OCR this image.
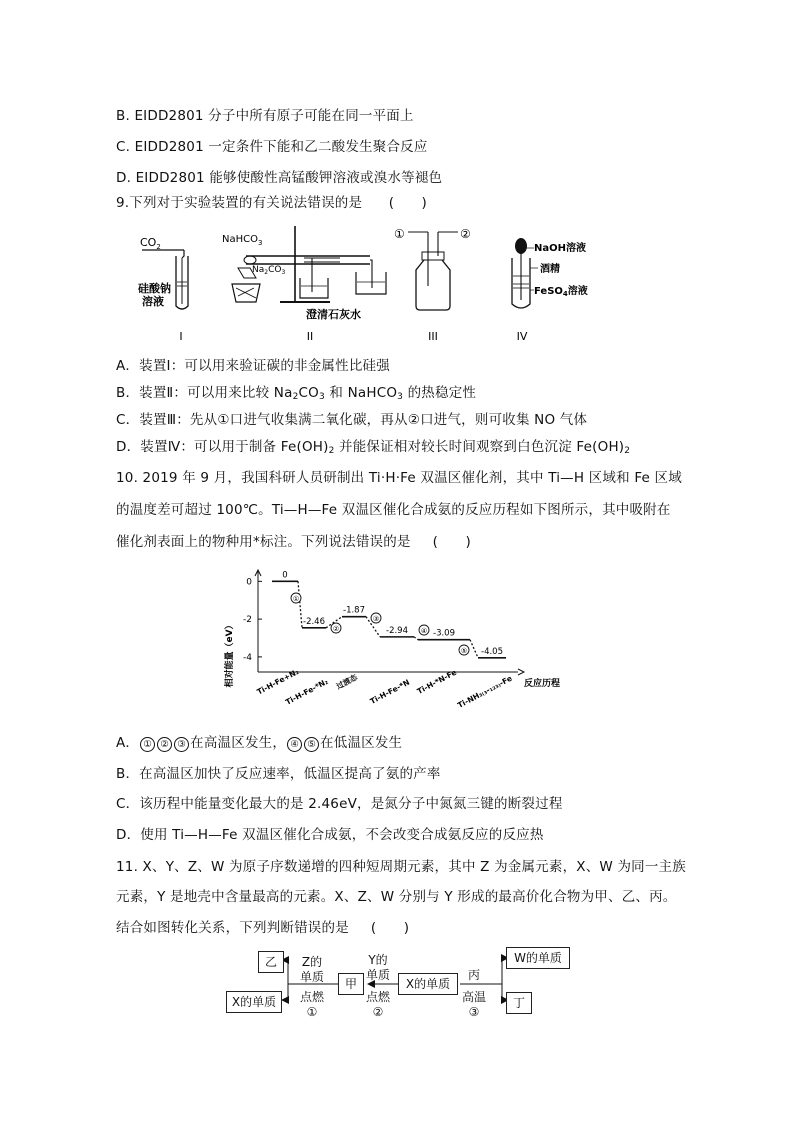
B. EIDD2801 分子中所有原子可能在同一平面上
C. EIDD2801 一定条件下能和乙二酸发生聚合反应
D. EIDD2801 能够使酸性高锰酸钾溶液或溴水等褪色
9.下列对于实验装置的有关说法错误的是 (　　)
$CO_2$
硅酸钠
溶液
I
NaHCO$_3$
$Na_2CO_3$
澄清石灰水
II
①	②
III
NaOH溶液
酒精
FeSO$_4$溶液
IV
A．装置Ⅰ：可以用来验证碳的非金属性比硅强
B．装置Ⅱ：可以用来比较 $Na_2CO_3$ 和 NaHCO$_3$ 的热稳定性
C．装置Ⅲ：先从①口进气收集满二氧化碳，再从②口进气，则可收集 NO 气体
D．装置Ⅳ：可以用于制备 $Fe(OH)_2$ 并能保证相对较长时间观察到白色沉淀 $Fe(OH)_2$
10. 2019 年 9 月，我国科研人员研制出 Ti·H·Fe 双温区催化剂，其中 Ti—H 区域和 Fe 区域
的温度差可超过 100℃。Ti—H—Fe 双温区催化合成氨的反应历程如下图所示，其中吸附在
催化剂表面上的物种用*标注。下列说法错误的是 (　　)
相对能量（eV）	反应历程
0
-2
-4
0
Ti-H-Fe+N₂
-2.46
Ti-H-Fe-*N₂
-1.87
过渡态
-2.94
Ti-H-Fe-*N
-3.09
Ti-H-*N-Fe
-4.05
Ti-NH₃₍₃-₁₂₃₎-Fe
①
②
③
④
⑤
A． ① ② ③ 在高温区发生， ④ ⑤ 在低温区发生
B．在高温区加快了反应速率，低温区提高了氨的产率
C．该历程中能量变化最大的是 2.46eV，是氮分子中氮氮三键的断裂过程
D．使用 Ti—H—Fe 双温区催化合成氨，不会改变合成氨反应的反应热
11. X、Y、Z、W 为原子序数递增的四种短周期元素，其中 Z 为金属元素，X、W 为同一主族
元素，Y 是地壳中含量最高的元素。X、Z、W 分别与 Y 形成的最高价化合物为甲、乙、丙。
结合如图转化关系，下列判断错误的是 (　　)
乙
X的单质
甲	X的单质
W的单质
丁
Z的
单质
点燃
①
Y的
单质
点燃
②
丙
高温
③
